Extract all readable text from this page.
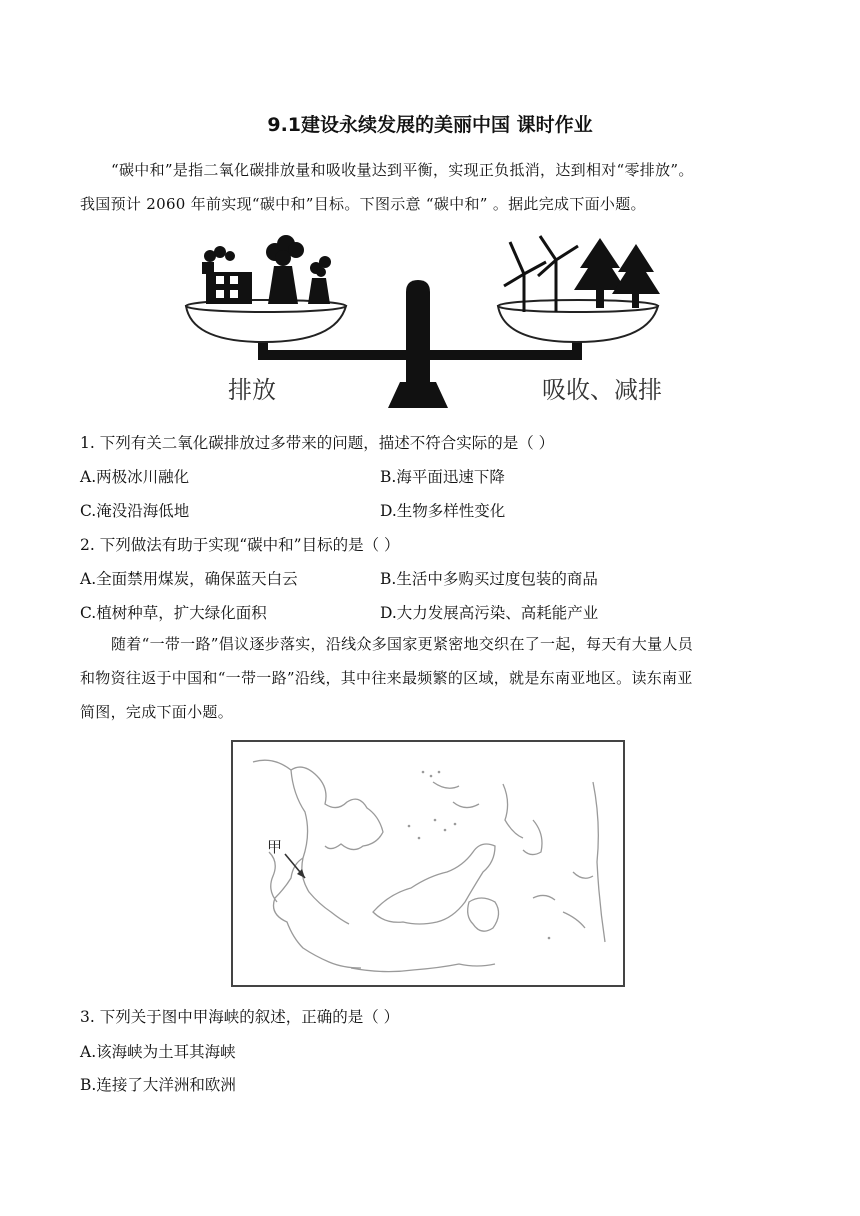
9.1建设永续发展的美丽中国 课时作业
“碳中和”是指二氧化碳排放量和吸收量达到平衡，实现正负抵消，达到相对“零排放”。
我国预计 2060 年前实现“碳中和”目标。下图示意 “碳中和” 。据此完成下面小题。
排放	吸收、减排
1. 下列有关二氧化碳排放过多带来的问题，描述不符合实际的是（ ）
A.两极冰川融化	B.海平面迅速下降
C.淹没沿海低地	D.生物多样性变化
2. 下列做法有助于实现“碳中和”目标的是（ ）
A.全面禁用煤炭，确保蓝天白云	B.生活中多购买过度包装的商品
C.植树种草，扩大绿化面积	D.大力发展高污染、高耗能产业
随着“一带一路”倡议逐步落实，沿线众多国家更紧密地交织在了一起，每天有大量人员
和物资往返于中国和“一带一路”沿线，其中往来最频繁的区域，就是东南亚地区。读东南亚
简图，完成下面小题。
甲
3. 下列关于图中甲海峡的叙述，正确的是（ ）
A.该海峡为土耳其海峡
B.连接了大洋洲和欧洲
